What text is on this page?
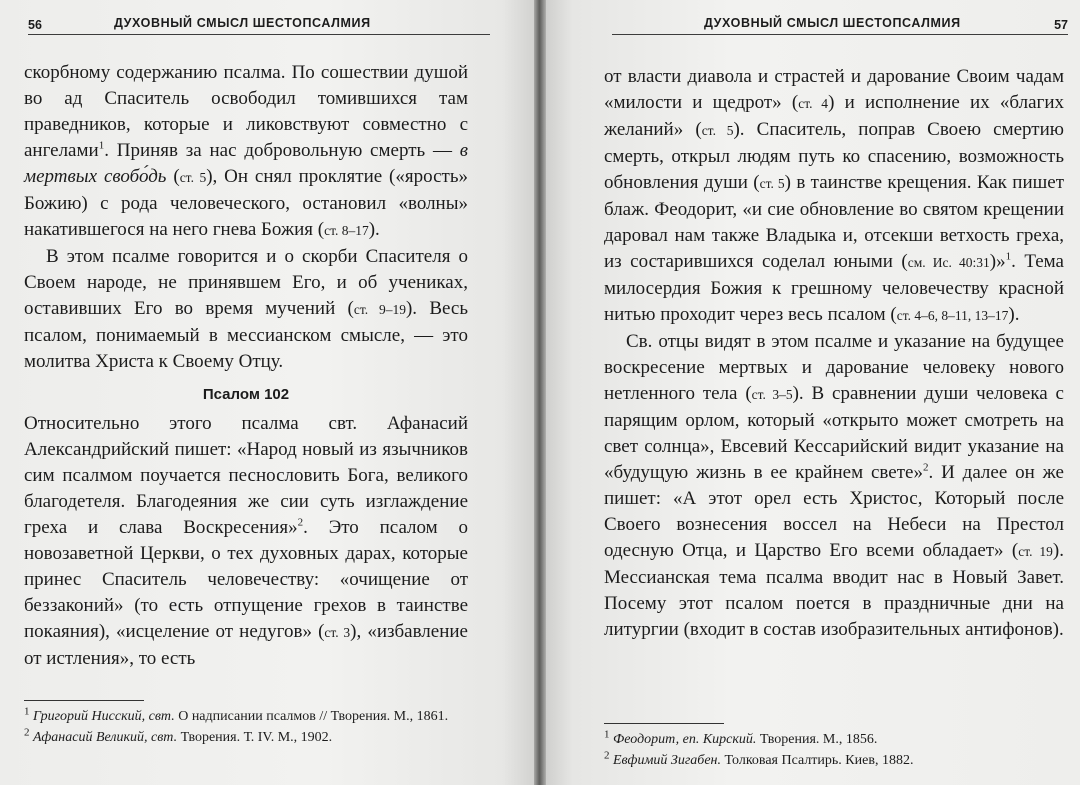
56	ДУХОВНЫЙ СМЫСЛ ШЕСТОПСАЛМИЯ

скорбному содержанию псалма. По сошествии душой во ад Спаситель освободил томившихся там праведников, которые и ликовствуют совместно с ангелами$^1$. Приняв за нас добровольную смерть — в мертвых свобо́дь (ст. 5), Он снял проклятие («ярость» Божию) с рода человеческого, остановил «волны» накатившегося на него гнева Божия (ст. 8–17).

В этом псалме говорится и о скорби Спасителя о Своем народе, не принявшем Его, и об учениках, оставивших Его во время мучений (ст. 9–19). Весь псалом, понимаемый в мессианском смысле, — это молитва Христа к Своему Отцу.

Псалом 102

Относительно этого псалма свт. Афанасий Александрийский пишет: «Народ новый из язычников сим псалмом поучается песнословить Бога, великого благодетеля. Благодеяния же сии суть изглаждение греха и слава Воскресения»$^2$. Это псалом о новозаветной Церкви, о тех духовных дарах, которые принес Спаситель человечеству: «очищение от беззаконий» (то есть отпущение грехов в таинстве покаяния), «исцеление от недугов» (ст. 3), «избавление от истления», то есть

$^1$ Григорий Нисский, свт. О надписании псалмов // Творения. М., 1861.
$^2$ Афанасий Великий, свт. Творения. Т. IV. М., 1902.
ДУХОВНЫЙ СМЫСЛ ШЕСТОПСАЛМИЯ	57

от власти диавола и страстей и дарование Своим чадам «милости и щедрот» (ст. 4) и исполнение их «благих желаний» (ст. 5). Спаситель, поправ Своею смертию смерть, открыл людям путь ко спасению, возможность обновления души (ст. 5) в таинстве крещения. Как пишет блаж. Феодорит, «и сие обновление во святом крещении даровал нам также Владыка и, отсекши ветхость греха, из состарившихся соделал юными (см. Ис. 40:31)»$^1$. Тема милосердия Божия к грешному человечеству красной нитью проходит через весь псалом (ст. 4–6, 8–11, 13–17).

Св. отцы видят в этом псалме и указание на будущее воскресение мертвых и дарование человеку нового нетленного тела (ст. 3–5). В сравнении души человека с парящим орлом, который «открыто может смотреть на свет солнца», Евсевий Кессарийский видит указание на «будущую жизнь в ее крайнем свете»$^2$. И далее он же пишет: «А этот орел есть Христос, Который после Своего вознесения воссел на Небеси на Престол одесную Отца, и Царство Его всеми обладает» (ст. 19). Мессианская тема псалма вводит нас в Новый Завет. Посему этот псалом поется в праздничные дни на литургии (входит в состав изобразительных антифонов).

$^1$ Феодорит, еп. Кирский. Творения. М., 1856.
$^2$ Евфимий Зигабен. Толковая Псалтирь. Киев, 1882.
